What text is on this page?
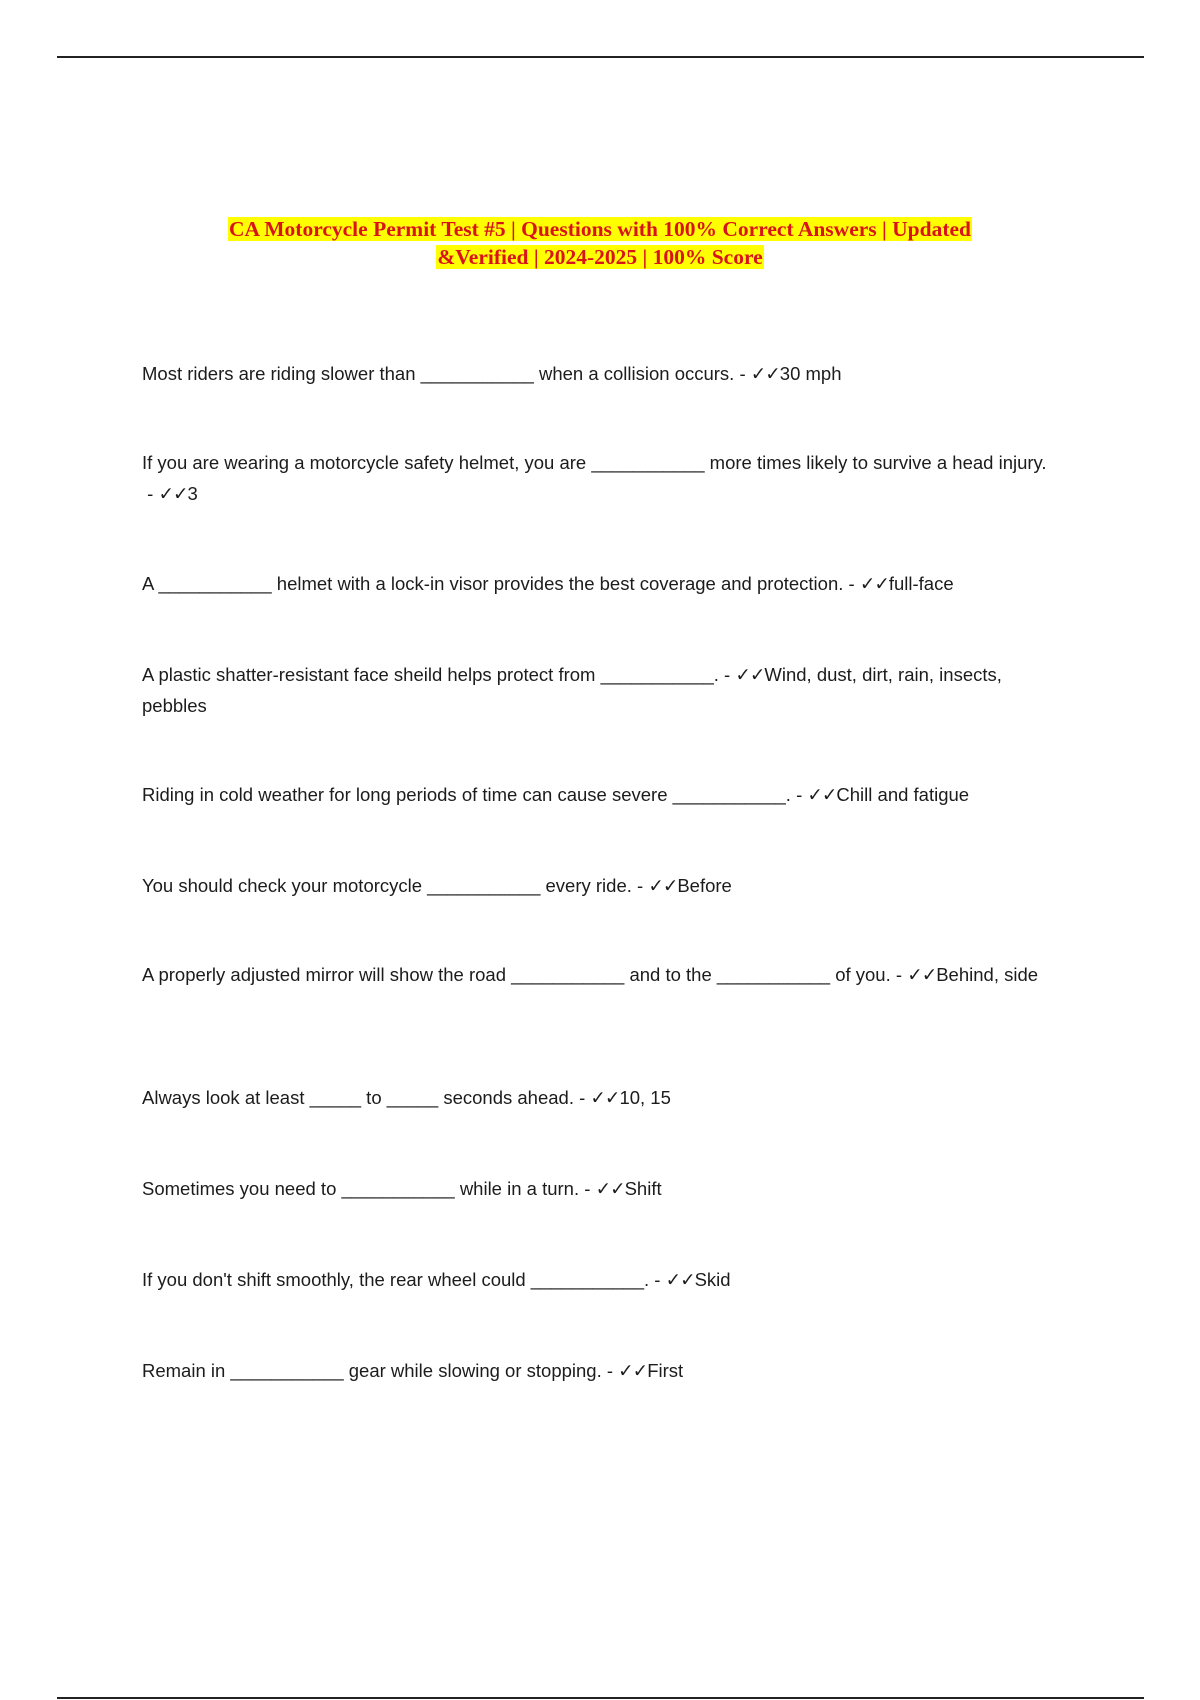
CA Motorcycle Permit Test #5 | Questions with 100% Correct Answers | Updated
&Verified | 2024-2025 | 100% Score
Most riders are riding slower than ___________ when a collision occurs. - ✓✓30 mph
If you are wearing a motorcycle safety helmet, you are ___________ more times likely to survive a head injury. - ✓✓3
A ___________ helmet with a lock-in visor provides the best coverage and protection. - ✓✓full-face
A plastic shatter-resistant face sheild helps protect from ___________. - ✓✓Wind, dust, dirt, rain, insects, pebbles
Riding in cold weather for long periods of time can cause severe ___________. - ✓✓Chill and fatigue
You should check your motorcycle ___________ every ride. - ✓✓Before
A properly adjusted mirror will show the road ___________ and to the ___________ of you. - ✓✓Behind, side
Always look at least _____ to _____ seconds ahead. - ✓✓10, 15
Sometimes you need to ___________ while in a turn. - ✓✓Shift
If you don't shift smoothly, the rear wheel could ___________. - ✓✓Skid
Remain in ___________ gear while slowing or stopping. - ✓✓First
